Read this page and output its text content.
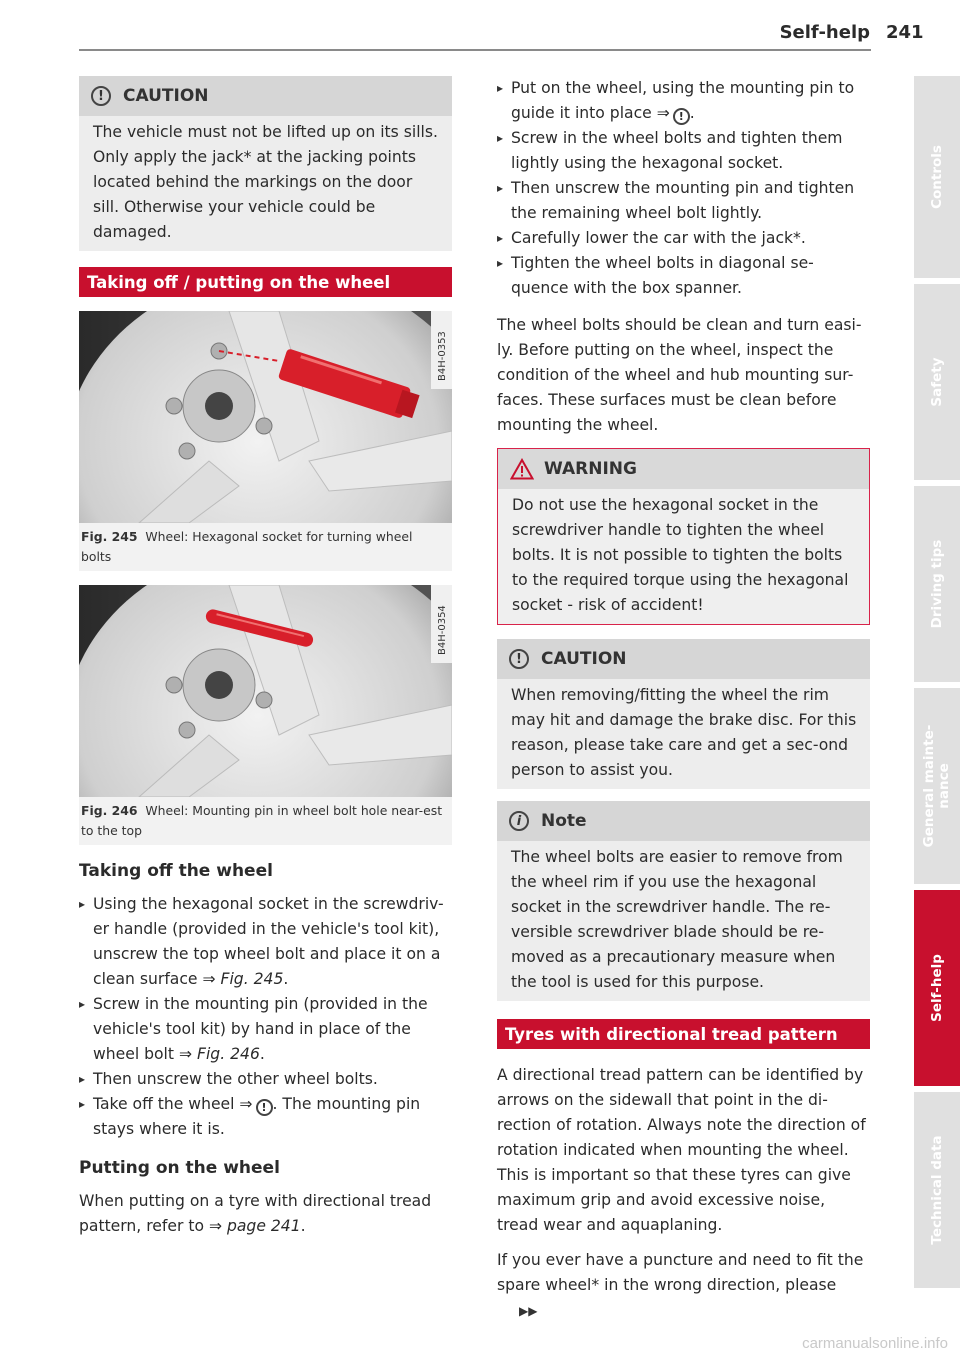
Self-help 241
!	CAUTION
The vehicle must not be lifted up on its sills. Only apply the jack* at the jacking points located behind the markings on the door sill. Otherwise your vehicle could be damaged.
Taking off / putting on the wheel
B4H-0353
Fig. 245 Wheel: Hexagonal socket for turning wheel bolts
B4H-0354
Fig. 246 Wheel: Mounting pin in wheel bolt hole near-est to the top
Taking off the wheel
▸ Using the hexagonal socket in the screwdriv-er handle (provided in the vehicle's tool kit), unscrew the top wheel bolt and place it on a clean surface ⇒ Fig. 245.
▸ Screw in the mounting pin (provided in the vehicle's tool kit) by hand in place of the wheel bolt ⇒ Fig. 246.
▸ Then unscrew the other wheel bolts.
▸ Take off the wheel ⇒ ! . The mounting pin stays where it is.
Putting on the wheel

When putting on a tyre with directional tread pattern, refer to ⇒ page 241.

▸ Put on the wheel, using the mounting pin to guide it into place ⇒ ! .
▸ Screw in the wheel bolts and tighten them lightly using the hexagonal socket.
▸ Then unscrew the mounting pin and tighten the remaining wheel bolt lightly.
▸ Carefully lower the car with the jack*.
▸ Tighten the wheel bolts in diagonal se-quence with the box spanner.

The wheel bolts should be clean and turn easi-ly. Before putting on the wheel, inspect the condition of the wheel and hub mounting sur-faces. These surfaces must be clean before mounting the wheel.

WARNING
Do not use the hexagonal socket in the screwdriver handle to tighten the wheel bolts. It is not possible to tighten the bolts to the required torque using the hexagonal socket - risk of accident!
!	CAUTION
When removing/fitting the wheel the rim may hit and damage the brake disc. For this reason, please take care and get a sec-ond person to assist you.
i	Note
The wheel bolts are easier to remove from the wheel rim if you use the hexagonal socket in the screwdriver handle. The re-versible screwdriver blade should be re-moved as a precautionary measure when the tool is used for this purpose.
Tyres with directional tread pattern

A directional tread pattern can be identified by arrows on the sidewall that point in the di-rection of rotation. Always note the direction of rotation indicated when mounting the wheel. This is important so that these tyres can give maximum grip and avoid excessive noise, tread wear and aquaplaning.

If you ever have a puncture and need to fit the spare wheel* in the wrong direction, please▶▶

Controls
Safety
Driving tips
General mainte-
nance
Self-help
Technical data
carmanualsonline.info
